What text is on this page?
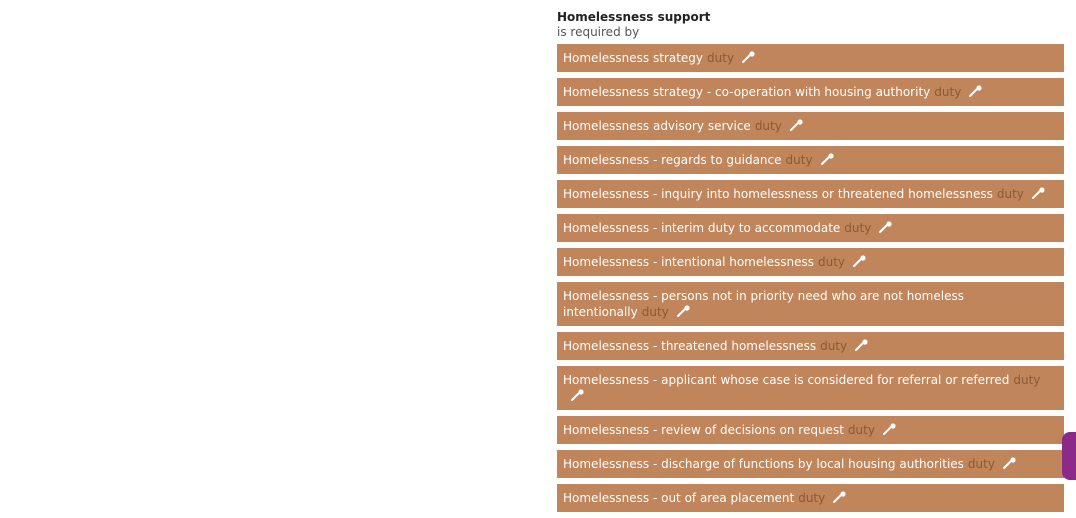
Homelessness support
is required by
Homelessness strategy duty
Homelessness strategy - co-operation with housing authority duty
Homelessness advisory service duty
Homelessness - regards to guidance duty
Homelessness - inquiry into homelessness or threatened homelessness duty
Homelessness - interim duty to accommodate duty
Homelessness - intentional homelessness duty
Homelessness - persons not in priority need who are not homeless intentionally duty
Homelessness - threatened homelessness duty
Homelessness - applicant whose case is considered for referral or referred duty
Homelessness - review of decisions on request duty
Homelessness - discharge of functions by local housing authorities duty
Homelessness - out of area placement duty
